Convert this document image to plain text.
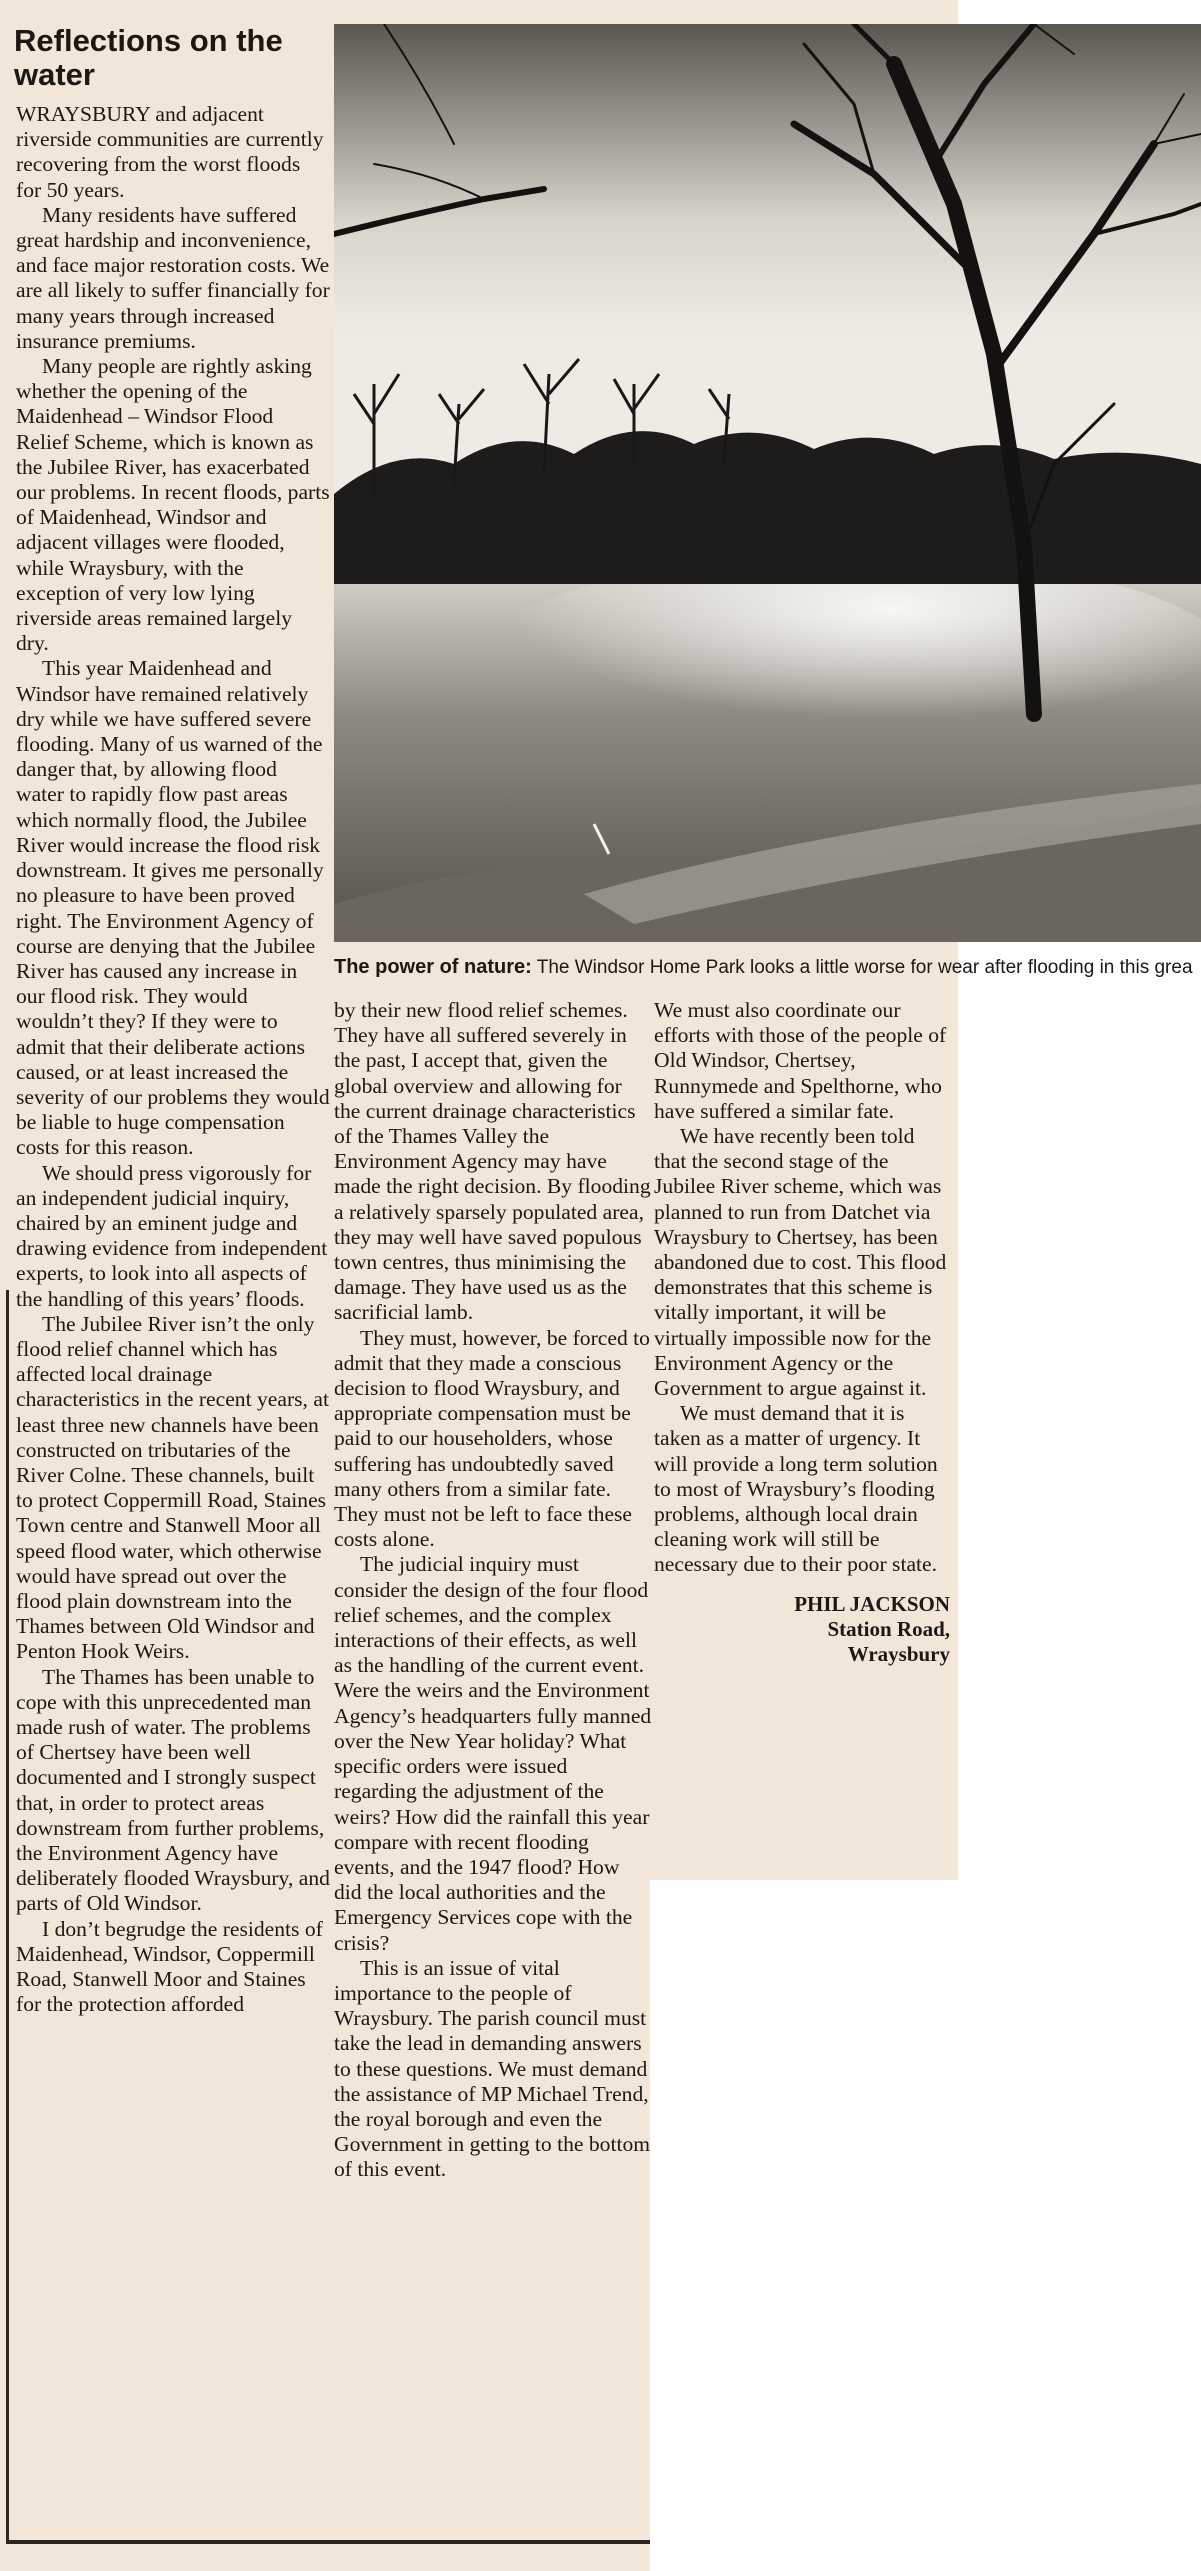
Reflections on the water
The power of nature: The Windsor Home Park looks a little worse for wear after flooding in this grea

WRAYSBURY and adjacent riverside communities are currently recovering from the worst floods for 50 years.

Many residents have suffered great hardship and inconvenience, and face major restoration costs. We are all likely to suffer financially for many years through increased insurance premiums.

Many people are rightly asking whether the opening of the Maidenhead – Windsor Flood Relief Scheme, which is known as the Jubilee River, has exacerbated our problems. In recent floods, parts of Maidenhead, Windsor and adjacent villages were flooded, while Wraysbury, with the exception of very low lying riverside areas remained largely dry.

This year Maidenhead and Windsor have remained relatively dry while we have suffered severe flooding. Many of us warned of the danger that, by allowing flood water to rapidly flow past areas which normally flood, the Jubilee River would increase the flood risk downstream. It gives me personally no pleasure to have been proved right. The Environment Agency of course are denying that the Jubilee River has caused any increase in our flood risk. They would wouldn’t they? If they were to admit that their deliberate actions caused, or at least increased the severity of our problems they would be liable to huge compensation costs for this reason.

We should press vigorously for an independent judicial inquiry, chaired by an eminent judge and drawing evidence from independent experts, to look into all aspects of the handling of this years’ floods.

The Jubilee River isn’t the only flood relief channel which has affected local drainage characteristics in the recent years, at least three new channels have been constructed on tributaries of the River Colne. These channels, built to protect Coppermill Road, Staines Town centre and Stanwell Moor all speed flood water, which otherwise would have spread out over the flood plain downstream into the Thames between Old Windsor and Penton Hook Weirs.

The Thames has been unable to cope with this unprecedented man made rush of water. The problems of Chertsey have been well documented and I strongly suspect that, in order to protect areas downstream from further problems, the Environment Agency have deliberately flooded Wraysbury, and parts of Old Windsor.

I don’t begrudge the residents of Maidenhead, Windsor, Coppermill Road, Stanwell Moor and Staines for the protection afforded

by their new flood relief schemes. They have all suffered severely in the past, I accept that, given the global overview and allowing for the current drainage characteristics of the Thames Valley the Environment Agency may have made the right decision. By flooding a relatively sparsely populated area, they may well have saved populous town centres, thus minimising the damage. They have used us as the sacrificial lamb.

They must, however, be forced to admit that they made a conscious decision to flood Wraysbury, and appropriate compensation must be paid to our householders, whose suffering has undoubtedly saved many others from a similar fate. They must not be left to face these costs alone.

The judicial inquiry must consider the design of the four flood relief schemes, and the complex interactions of their effects, as well as the handling of the current event. Were the weirs and the Environment Agency’s headquarters fully manned over the New Year holiday? What specific orders were issued regarding the adjustment of the weirs? How did the rainfall this year compare with recent flooding events, and the 1947 flood? How did the local authorities and the Emergency Services cope with the crisis?

This is an issue of vital importance to the people of Wraysbury. The parish council must take the lead in demanding answers to these questions. We must demand the assistance of MP Michael Trend, the royal borough and even the Government in getting to the bottom of this event.

We must also coordinate our efforts with those of the people of Old Windsor, Chertsey, Runnymede and Spelthorne, who have suffered a similar fate.

We have recently been told that the second stage of the Jubilee River scheme, which was planned to run from Datchet via Wraysbury to Chertsey, has been abandoned due to cost. This flood demonstrates that this scheme is vitally important, it will be virtually impossible now for the Environment Agency or the Government to argue against it.

We must demand that it is taken as a matter of urgency. It will provide a long term solution to most of Wraysbury’s flooding problems, although local drain cleaning work will still be necessary due to their poor state.

PHIL JACKSON
Station Road,
Wraysbury
